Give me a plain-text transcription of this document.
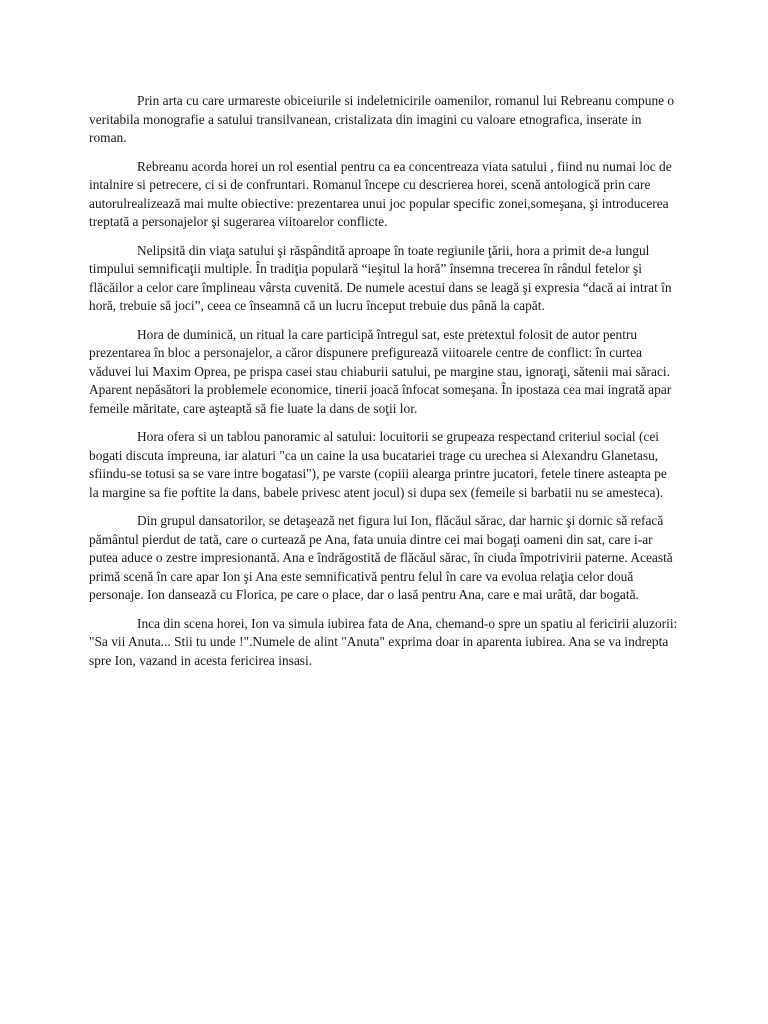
Prin arta cu care urmareste obiceiurile si indeletnicirile oamenilor, romanul lui Rebreanu compune o veritabila monografie a satului transilvanean, cristalizata din imagini cu valoare etnografica, inserate in roman.

Rebreanu acorda horei un rol esential pentru ca ea concentreaza viata satului , fiind nu numai loc de intalnire si petrecere, ci si de confruntari. Romanul începe cu descrierea horei, scenă antologică prin care autorulrealizează mai multe obiective: prezentarea unui joc popular specific zonei,someşana, şi introducerea treptată a personajelor şi sugerarea viitoarelor conflicte.

Nelipsită din viaţa satului şi răspândită aproape în toate regiunile ţării, hora a primit de-a lungul timpului semnificaţii multiple. În tradiţia populară “ieşitul la horă” însemna trecerea în rândul fetelor şi flăcăilor a celor care împlineau vârsta cuvenită. De numele acestui dans se leagă şi expresia “dacă ai intrat în horă, trebuie să joci”, ceea ce înseamnă că un lucru început trebuie dus până la capăt.

Hora de duminică, un ritual la care participă întregul sat, este pretextul folosit de autor pentru prezentarea în bloc a personajelor, a căror dispunere prefigurează viitoarele centre de conflict: în curtea văduvei lui Maxim Oprea, pe prispa casei stau chiaburii satului, pe margine stau, ignoraţi, sătenii mai săraci. Aparent nepăsători la problemele economice, tinerii joacă înfocat someşana. În ipostaza cea mai ingrată apar femeile măritate, care aşteaptă să fie luate la dans de soţii lor.

Hora ofera si un tablou panoramic al satului: locuitorii se grupeaza respectand criteriul social (cei bogati discuta impreuna, iar alaturi "ca un caine la usa bucatariei trage cu urechea si Alexandru Glanetasu, sfiindu-se totusi sa se vare intre bogatasi"), pe varste (copiii alearga printre jucatori, fetele tinere asteapta pe la margine sa fie poftite la dans, babele privesc atent jocul) si dupa sex (femeile si barbatii nu se amesteca).

Din grupul dansatorilor, se detaşează net figura lui Ion, flăcăul sărac, dar harnic şi dornic să refacă pământul pierdut de tată, care o curtează pe Ana, fata unuia dintre cei mai bogaţi oameni din sat, care i-ar putea aduce o zestre impresionantă. Ana e îndrăgostită de flăcăul sărac, în ciuda împotrivirii paterne. Această primă scenă în care apar Ion şi Ana este semnificativă pentru felul în care va evolua relaţia celor două personaje. Ion dansează cu Florica, pe care o place, dar o lasă pentru Ana, care e mai urâtă, dar bogată.

Inca din scena horei, Ion va simula iubirea fata de Ana, chemand-o spre un spatiu al fericirii aluzorii: "Sa vii Anuta... Stii tu unde !".Numele de alint "Anuta" exprima doar in aparenta iubirea. Ana se va indrepta spre Ion, vazand in acesta fericirea insasi.
